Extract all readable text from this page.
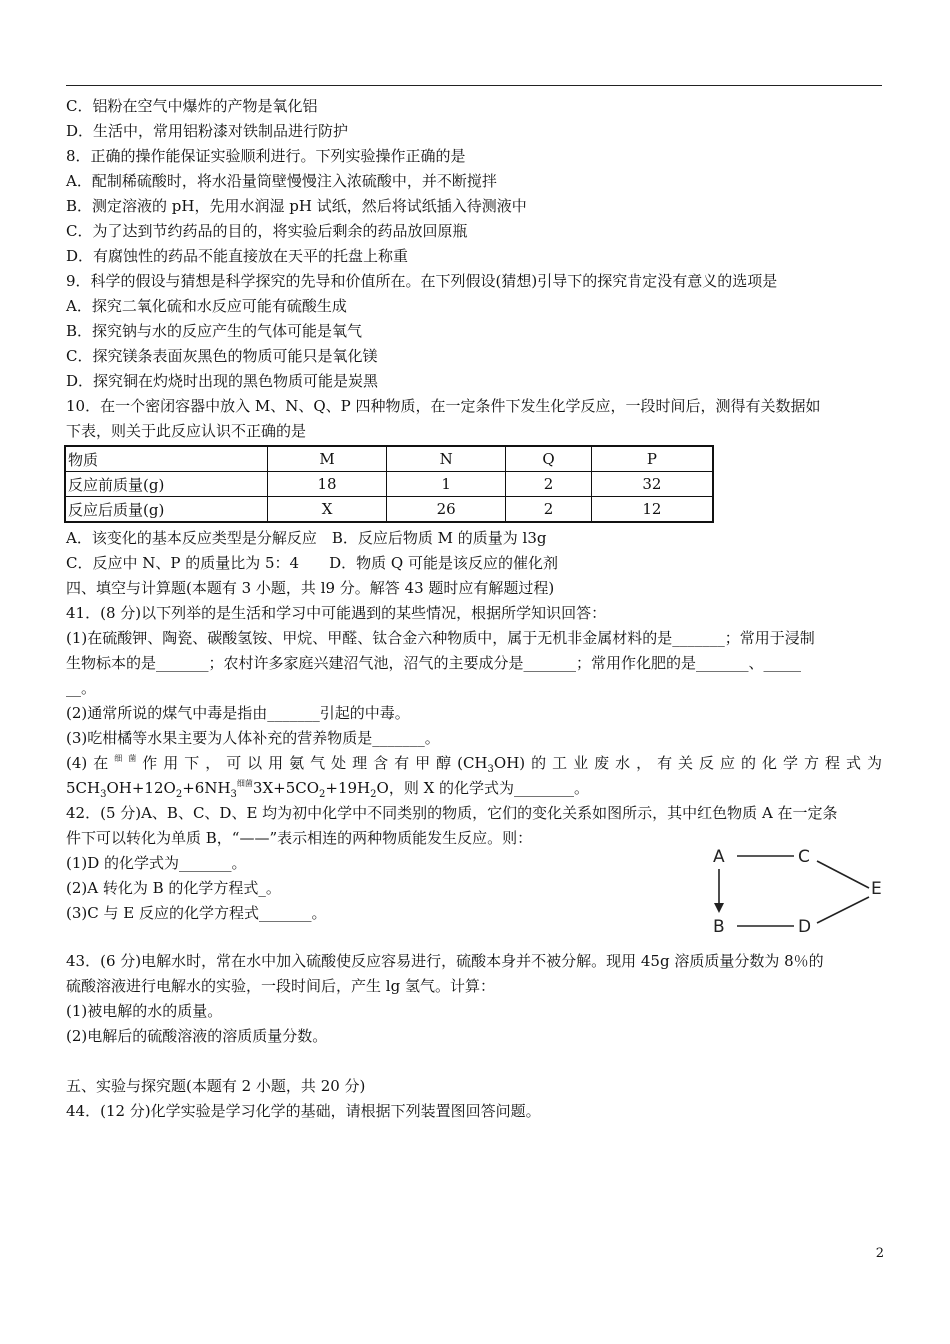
C．铝粉在空气中爆炸的产物是氧化铝
D．生活中，常用铝粉漆对铁制品进行防护
8．正确的操作能保证实验顺利进行。下列实验操作正确的是
A．配制稀硫酸时，将水沿量筒壁慢慢注入浓硫酸中，并不断搅拌
B．测定溶液的 pH，先用水润湿 pH 试纸，然后将试纸插入待测液中
C．为了达到节约药品的目的，将实验后剩余的药品放回原瓶
D．有腐蚀性的药品不能直接放在天平的托盘上称重
9．科学的假设与猜想是科学探究的先导和价值所在。在下列假设(猜想)引导下的探究肯定没有意义的选项是
A．探究二氧化硫和水反应可能有硫酸生成
B．探究钠与水的反应产生的气体可能是氧气
C．探究镁条表面灰黑色的物质可能只是氧化镁
D．探究铜在灼烧时出现的黑色物质可能是炭黑
10．在一个密闭容器中放入 M、N、Q、P 四种物质，在一定条件下发生化学反应，一段时间后，测得有关数据如
下表，则关于此反应认识不正确的是
物质	M	N	Q	P
反应前质量(g)	18	1	2	32
反应后质量(g)	X	26	2	12
A．该变化的基本反应类型是分解反应　B．反应后物质 M 的质量为 l3g
C．反应中 N、P 的质量比为 5：4　　D．物质 Q 可能是该反应的催化剂
四、填空与计算题(本题有 3 小题，共 l9 分。解答 43 题时应有解题过程)
41．(8 分)以下列举的是生活和学习中可能遇到的某些情况，根据所学知识回答：
(1)在硫酸钾、陶瓷、碳酸氢铵、甲烷、甲醛、钛合金六种物质中，属于无机非金属材料的是_______；常用于浸制
生物标本的是_______；农村许多家庭兴建沼气池，沼气的主要成分是_______；常用作化肥的是_______、_____
__。
(2)通常所说的煤气中毒是指由_______引起的中毒。
(3)吃柑橘等水果主要为人体补充的营养物质是_______。
(4)在$^{细菌}$作用下，可以用氨气处理含有甲醇$(CH_3OH)$的工业废水，有关反应的化学方程式为
$5CH_3OH+12O_2+6NH_3^{细菌}3X+5CO_2+19H_2O$，则 X 的化学式为________。
42．(5 分)A、B、C、D、E 均为初中化学中不同类别的物质，它们的变化关系如图所示，其中红色物质 A 在一定条
件下可以转化为单质 B，“——”表示相连的两种物质能发生反应。则：
(1)D 的化学式为_______。
(2)A 转化为 B 的化学方程式_。
(3)C 与 E 反应的化学方程式_______。
A	C
E
B	D
43．(6 分)电解水时，常在水中加入硫酸使反应容易进行，硫酸本身并不被分解。现用 45g 溶质质量分数为 8％的
硫酸溶液进行电解水的实验，一段时间后，产生 lg 氢气。计算：
(1)被电解的水的质量。
(2)电解后的硫酸溶液的溶质质量分数。
五、实验与探究题(本题有 2 小题，共 20 分)
44．(12 分)化学实验是学习化学的基础，请根据下列装置图回答问题。
2
